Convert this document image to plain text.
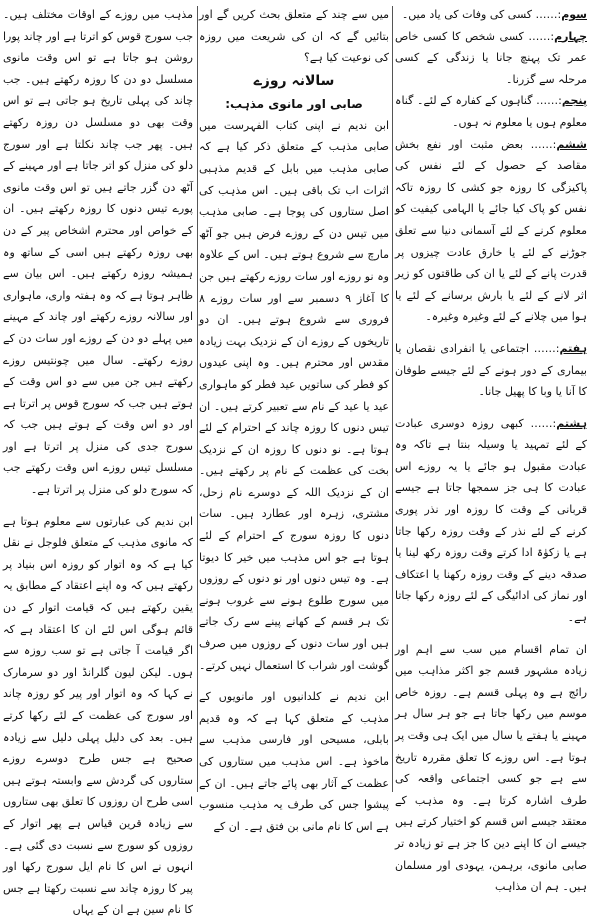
سوم:…… کسی کی وفات کی یاد میں۔

چہارم:…… کسی شخص کا کسی خاص عمر تک پہنچ جانا یا زندگی کے کسی مرحلہ سے گزرنا۔

پنجم:…… گناہوں کے کفارہ کے لئے۔ گناہ معلوم ہوں یا معلوم نہ ہوں۔

ششم:…… بعض مثبت اور نفع بخش مقاصد کے حصول کے لئے نفس کی پاکیزگی کا روزہ جو کشی کا روزہ تاکہ نفس کو پاک کیا جائے یا الہامی کیفیت کو معلوم کرنے کے لئے آسمانی دنیا سے تعلق جوڑنے کے لئے یا خارق عادت چیزوں پر قدرت پانے کے لئے یا ان کی طاقتوں کو زیر اثر لانے کے لئے یا بارش برسانے کے لئے یا ہوا میں چلانے کے لئے وغیرہ وغیرہ۔

ہفتم:…… اجتماعی یا انفرادی نقصان یا بیماری کے دور ہونے کے لئے جیسے طوفان کا آنا یا وبا کا پھیل جانا۔

ہشتم:…… کبھی روزہ دوسری عبادت کے لئے تمہید یا وسیلہ بنتا ہے تاکہ وہ عبادت مقبول ہو جائے یا یہ روزے اس عبادت کا ہی جز سمجھا جاتا ہے جیسے قربانی کے وقت کا روزہ اور نذر پوری کرنے کے لئے نذر کے وقت روزہ رکھا جاتا ہے یا زکوٰۃ ادا کرتے وقت روزہ رکھ لینا یا صدقہ دینے کے وقت روزہ رکھنا یا اعتکاف اور نماز کی ادائیگی کے لئے روزہ رکھا جاتا ہے۔

ان تمام اقسام میں سب سے اہم اور زیادہ مشہور قسم جو اکثر مذاہب میں رائج ہے وہ پہلی قسم ہے۔ روزہ خاص موسم میں رکھا جاتا ہے جو ہر سال ہر مہینے یا ہفتے یا سال میں ایک ہی وقت پر ہوتا ہے۔ اس روزے کا تعلق مقررہ تاریخ سے ہے جو کسی اجتماعی واقعہ کی طرف اشارہ کرتا ہے۔ وہ مذہب کے معتقد جیسے اس قسم کو اختیار کرتے ہیں جیسے ان کا اپنے دین کا جز ہے تو زیادہ تر صابی مانوی، برہمن، یہودی اور مسلمان ہیں۔ ہم ان مذاہب

میں سے چند کے متعلق بحث کریں گے اور بتائیں گے کہ ان کی شریعت میں روزہ کی نوعیت کیا ہے؟

سالانہ روزے

صابی اور مانوی مذہب:

ابن ندیم نے اپنی کتاب الفہرست میں صابی مذہب کے متعلق ذکر کیا ہے کہ صابی مذہب میں بابل کے قدیم مذہبی اثرات اب تک باقی ہیں۔ اس مذہب کی اصل ستاروں کی پوجا ہے۔ صابی مذہب میں تیس دن کے روزے فرض ہیں جو آٹھ مارچ سے شروع ہوتے ہیں۔ اس کے علاوہ وہ نو روزے اور سات روزے رکھتے ہیں جن کا آغاز ۹ دسمبر سے اور سات روزے ۸ فروری سے شروع ہوتے ہیں۔ ان دو تاریخوں کے روزے ان کے نزدیک بہت زیادہ مقدس اور محترم ہیں۔ وہ اپنی عیدوں کو فطر کی ساتویں عید فطر کو ماہواری عید یا عید کے نام سے تعبیر کرتے ہیں۔ ان تیس دنوں کا روزہ چاند کے احترام کے لئے ہوتا ہے۔ نو دنوں کا روزہ ان کے نزدیک بخت کی عظمت کے نام پر رکھتے ہیں۔ ان کے نزدیک اللہ کے دوسرے نام زحل، مشتری، زہرہ اور عطارد ہیں۔ سات دنوں کا روزہ سورج کے احترام کے لئے ہوتا ہے جو اس مذہب میں خیر کا دیوتا ہے۔ وہ تیس دنوں اور نو دنوں کے روزوں میں سورج طلوع ہونے سے غروب ہونے تک ہر قسم کے کھانے پینے سے رک جاتے ہیں اور سات دنوں کے روزوں میں صرف گوشت اور شراب کا استعمال نہیں کرتے۔

ابن ندیم نے کلدانیوں اور مانویوں کے مذہب کے متعلق کہا ہے کہ وہ قدیم بابلی، مسیحی اور فارسی مذہب سے ماخوذ ہے۔ اس مذہب میں ستاروں کی عظمت کے آثار بھی پائے جاتے ہیں۔ ان کے پیشوا جس کی طرف یہ مذہب منسوب ہے اس کا نام مانی بن فتق ہے۔ ان کے

مذہب میں روزے کے اوقات مختلف ہیں۔ جب سورج قوس کو اترتا ہے اور چاند پورا روشن ہو جاتا ہے تو اس وقت مانوی مسلسل دو دن کا روزہ رکھتے ہیں۔ جب چاند کی پہلی تاریخ ہو جاتی ہے تو اس وقت بھی دو مسلسل دن روزہ رکھتے ہیں۔ پھر جب چاند نکلتا ہے اور سورج دلو کی منزل کو اتر جاتا ہے اور مہینے کے آٹھ دن گزر جاتے ہیں تو اس وقت مانوی پورے تیس دنوں کا روزہ رکھتے ہیں۔ ان کے خواص اور محترم اشخاص پیر کے دن بھی روزہ رکھتے ہیں اسی کے ساتھ وہ ہمیشہ روزہ رکھتے ہیں۔ اس بیان سے ظاہر ہوتا ہے کہ وہ ہفتہ واری، ماہواری اور سالانہ روزے رکھتے اور چاند کے مہینے میں پہلے دو دن کے روزے اور سات دن کے روزے رکھتے۔ سال میں چونتیس روزے رکھتے ہیں جن میں سے دو اس وقت کے ہوتے ہیں جب کہ سورج قوس پر اترتا ہے اور دو اس وقت کے ہوتے ہیں جب کہ سورج جدی کی منزل پر اترتا ہے اور مسلسل تیس روزے اس وقت رکھتے جب کہ سورج دلو کی منزل پر اترتا ہے۔

ابن ندیم کی عبارتوں سے معلوم ہوتا ہے کہ مانوی مذہب کے متعلق فلوجل نے نقل کیا ہے کہ وہ اتوار کو روزہ اس بنیاد پر رکھتے ہیں کہ وہ اپنے اعتقاد کے مطابق یہ یقین رکھتے ہیں کہ قیامت اتوار کے دن قائم ہوگی اس لئے ان کا اعتقاد ہے کہ اگر قیامت آ جاتی ہے تو سب روزہ سے ہوں۔ لیکن لیون گلرانڈ اور دو سرمارک نے کہا کہ وہ اتوار اور پیر کو روزہ چاند اور سورج کی عظمت کے لئے رکھا کرتے ہیں۔ بعد کی دلیل پہلی دلیل سے زیادہ صحیح ہے جس طرح دوسرے روزے ستاروں کی گردش سے وابستہ ہوتے ہیں اسی طرح ان روزوں کا تعلق بھی ستاروں سے زیادہ قرین قیاس ہے پھر اتوار کے روزوں کو سورج سے نسبت دی گئی ہے۔ انہوں نے اس کا نام ایل سورج رکھا اور پیر کا روزہ چاند سے نسبت رکھتا ہے جس کا نام سین ہے ان کے یہاں
